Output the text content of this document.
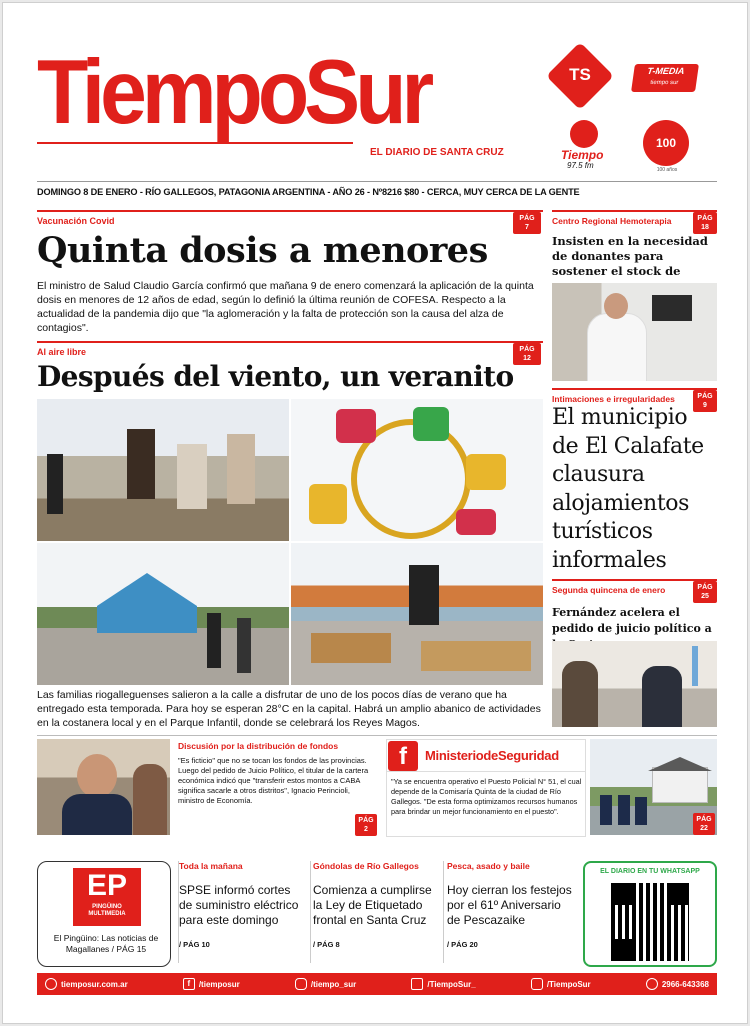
TiempoSur
EL DIARIO DE SANTA CRUZ
TS	T-MEDIA
tiempo sur
Tiempo
97.5 fm
100
100 años
DOMINGO 8 DE ENERO - RÍO GALLEGOS, PATAGONIA ARGENTINA - AÑO 26 - Nº8216 $80 - CERCA, MUY CERCA DE LA GENTE
Vacunación Covid	PÁG
7
Quinta dosis a menores
El ministro de Salud Claudio García confirmó que mañana 9 de enero comenzará la aplicación de la quinta dosis en menores de 12 años de edad, según lo definió la última reunión de COFESA. Respecto a la actualidad de la pandemia dijo que "la aglomeración y la falta de protección son la causa del alza de contagios".
Al aire libre	PÁG
12
Después del viento, un veranito
Las familias riogalleguenses salieron a la calle a disfrutar de uno de los pocos días de verano que ha entregado esta temporada. Para hoy se esperan 28°C en la capital. Habrá un amplio abanico de actividades en la costanera local y en el Parque Infantil, donde se celebrará los Reyes Magos.
Centro Regional Hemoterapia	PÁG
18
Insisten en la necesidad de donantes para sostener el stock de
Intimaciones e irregularidades	PÁG
9
El municipio de El Calafate clausura alojamientos turísticos informales
Segunda quincena de enero	PÁG
25
Fernández acelera el pedido de juicio político a
Discusión por la distribución de fondos
"Es ficticio" que no se tocan los fondos de las provincias. Luego del pedido de Juicio Político, el titular de la cartera económica indicó que "transferir estos montos a CABA significa sacarle a otros distritos", Ignacio Perincioli, ministro de Economía.
PÁG
2
f	MinisteriodeSeguridad
"Ya se encuentra operativo el Puesto Policial N° 51, el cual depende de la Comisaría Quinta de la ciudad de Río Gallegos. "De esta forma optimizamos recursos humanos para brindar un mejor funcionamiento en el puesto".
PÁG
22
EP
PINGÜINO MULTIMEDIA
El Pingüino: Las noticias de Magallanes / PÁG 15
Toda la mañana
SPSE informó cortes de suministro eléctrico para este domingo
/ PÁG 10
Góndolas de Río Gallegos
Comienza a cumplirse la Ley de Etiquetado frontal en Santa Cruz
/ PÁG 8
Pesca, asado y baile
Hoy cierran los festejos por el 61º Aniversario de Pescazaike
/ PÁG 20
EL DIARIO EN TU WHATSAPP
tiemposur.com.ar	f	/tiemposur	/tiempo_sur	/TiempoSur_	/TiempoSur	2966-643368
